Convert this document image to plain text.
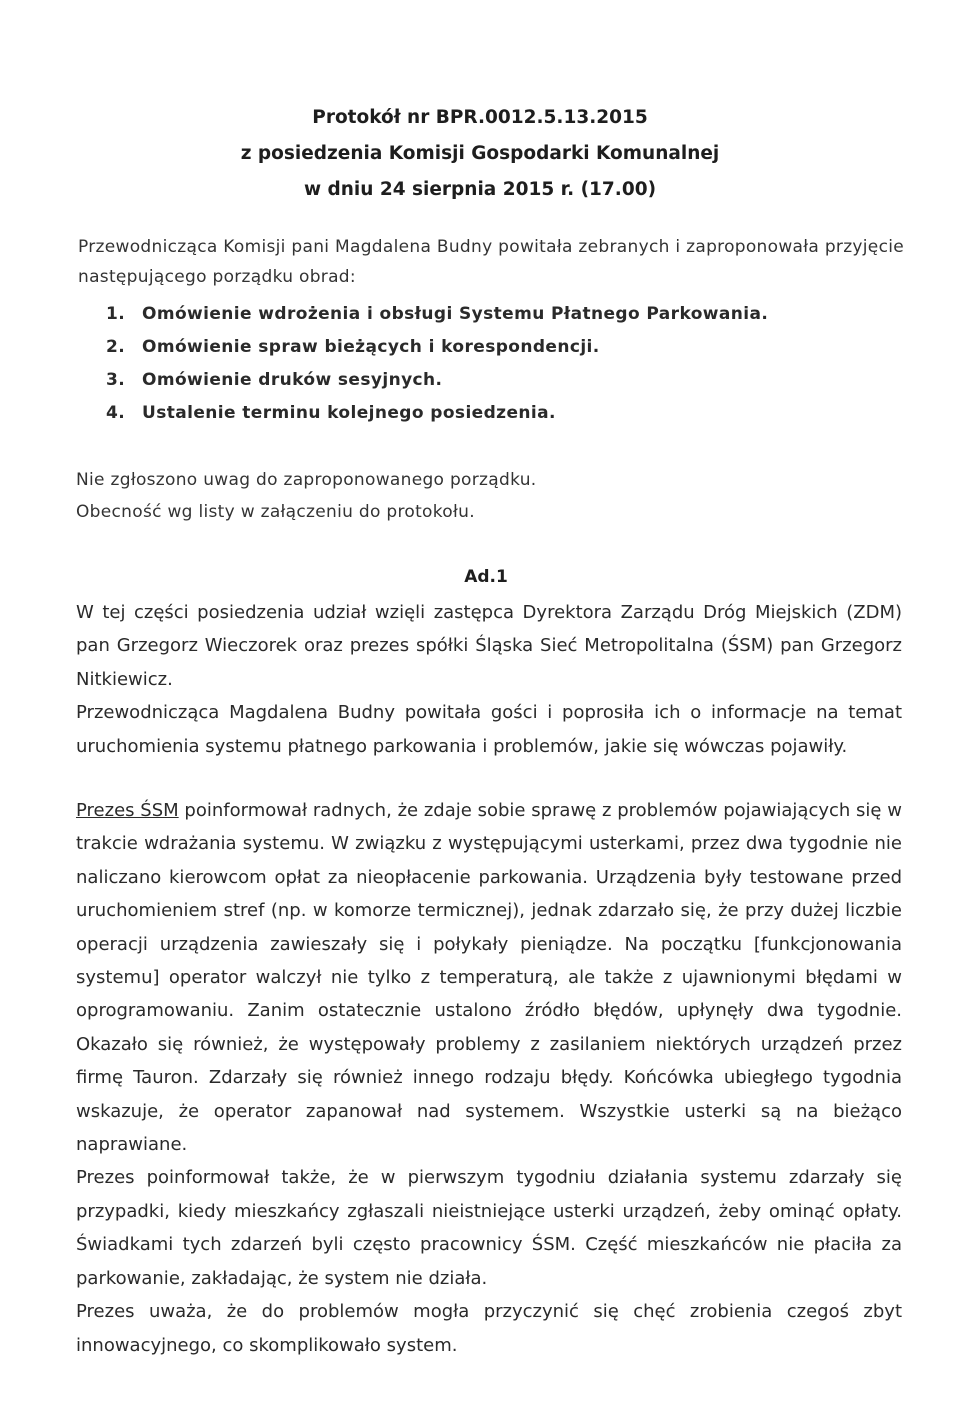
Protokół nr BPR.0012.5.13.2015
z posiedzenia Komisji Gospodarki Komunalnej
w dniu 24 sierpnia 2015 r. (17.00)
Przewodnicząca Komisji pani Magdalena Budny powitała zebranych i zaproponowała przyjęcie następującego porządku obrad:
1. Omówienie wdrożenia i obsługi Systemu Płatnego Parkowania.
2. Omówienie spraw bieżących i korespondencji.
3. Omówienie druków sesyjnych.
4. Ustalenie terminu kolejnego posiedzenia.
Nie zgłoszono uwag do zaproponowanego porządku.
Obecność wg listy w załączeniu do protokołu.
Ad.1

W tej części posiedzenia udział wzięli zastępca Dyrektora Zarządu Dróg Miejskich (ZDM) pan Grzegorz Wieczorek oraz prezes spółki Śląska Sieć Metropolitalna (ŚSM) pan Grzegorz Nitkiewicz.

Przewodnicząca Magdalena Budny powitała gości i poprosiła ich o informacje na temat uruchomienia systemu płatnego parkowania i problemów, jakie się wówczas pojawiły.

Prezes ŚSM poinformował radnych, że zdaje sobie sprawę z problemów pojawiających się w trakcie wdrażania systemu. W związku z występującymi usterkami, przez dwa tygodnie nie naliczano kierowcom opłat za nieopłacenie parkowania. Urządzenia były testowane przed uruchomieniem stref (np. w komorze termicznej), jednak zdarzało się, że przy dużej liczbie operacji urządzenia zawieszały się i połykały pieniądze. Na początku [funkcjonowania systemu] operator walczył nie tylko z temperaturą, ale także z ujawnionymi błędami w oprogramowaniu. Zanim ostatecznie ustalono źródło błędów, upłynęły dwa tygodnie. Okazało się również, że występowały problemy z zasilaniem niektórych urządzeń przez firmę Tauron. Zdarzały się również innego rodzaju błędy. Końcówka ubiegłego tygodnia wskazuje, że operator zapanował nad systemem. Wszystkie usterki są na bieżąco naprawiane.

Prezes poinformował także, że w pierwszym tygodniu działania systemu zdarzały się przypadki, kiedy mieszkańcy zgłaszali nieistniejące usterki urządzeń, żeby ominąć opłaty. Świadkami tych zdarzeń byli często pracownicy ŚSM. Część mieszkańców nie płaciła za parkowanie, zakładając, że system nie działa.

Prezes uważa, że do problemów mogła przyczynić się chęć zrobienia czegoś zbyt innowacyjnego, co skomplikowało system.
